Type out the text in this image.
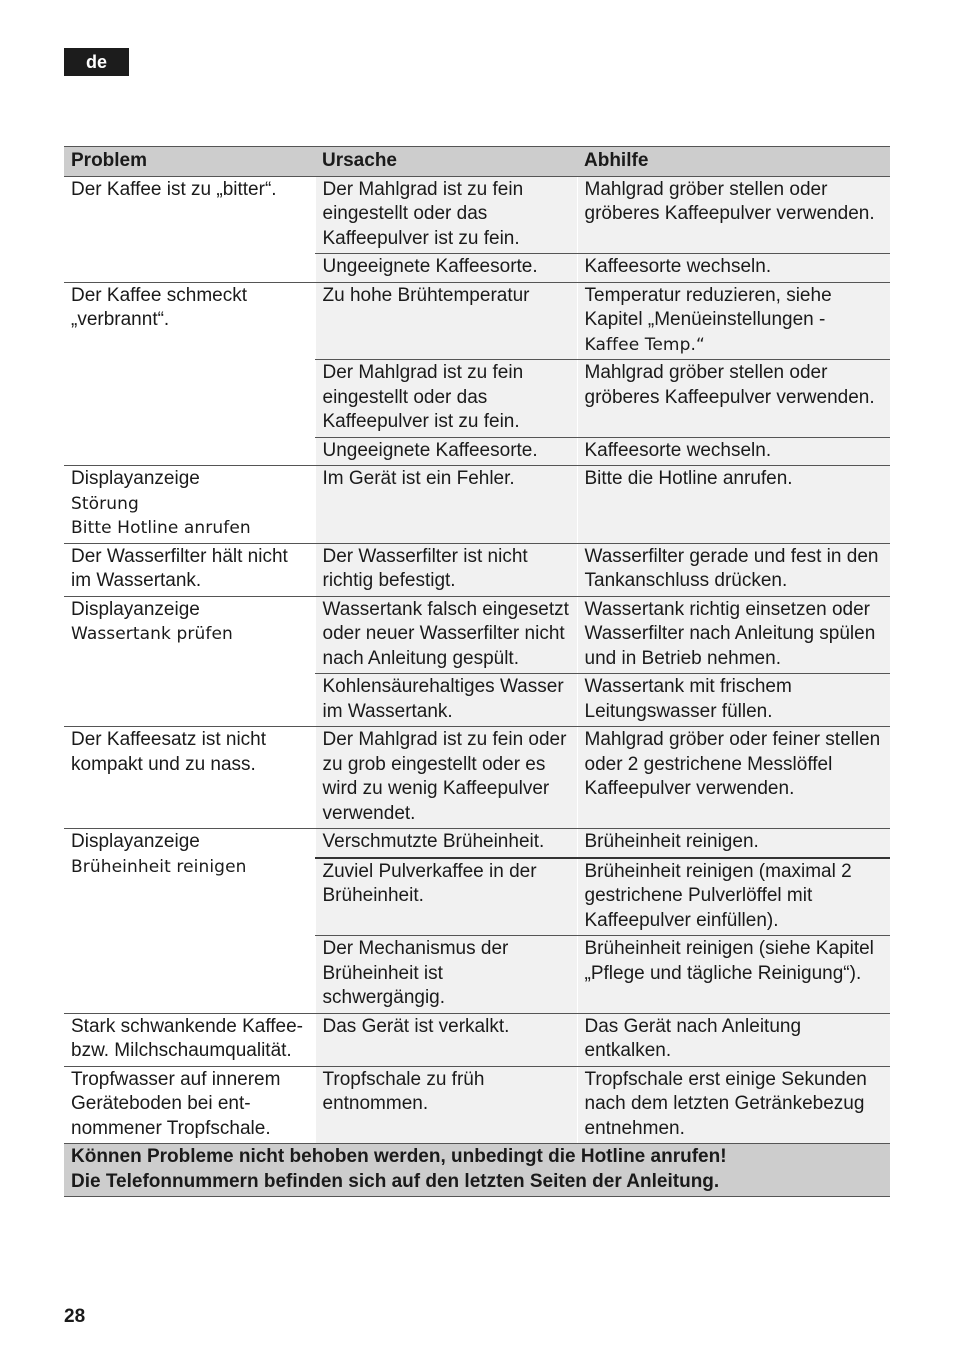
de
Problem	Ursache	Abhilfe
Der Kaffee ist zu „bitter“.	Der Mahlgrad ist zu fein eingestellt oder das Kaffeepulver ist zu fein.	Mahlgrad gröber stellen oder gröberes Kaffeepulver verwenden.
	Ungeeignete Kaffeesorte.	Kaffeesorte wechseln.
Der Kaffee schmeckt „verbrannt“.	Zu hohe Brühtemperatur	Temperatur reduzieren, siehe Kapitel „Menüeinstellungen -
Kaffee Temp.“
	Der Mahlgrad ist zu fein eingestellt oder das Kaffeepulver ist zu fein.	Mahlgrad gröber stellen oder gröberes Kaffeepulver verwenden.
	Ungeeignete Kaffeesorte.	Kaffeesorte wechseln.
Displayanzeige
Störung
Bitte Hotline anrufen	Im Gerät ist ein Fehler.	Bitte die Hotline anrufen.
Der Wasserfilter hält nicht im Wassertank.	Der Wasserfilter ist nicht richtig befestigt.	Wasserfilter gerade und fest in den Tankanschluss drücken.
Displayanzeige
Wassertank prüfen	Wassertank falsch eingesetzt oder neuer Wasserfilter nicht nach Anleitung gespült.	Wassertank richtig einsetzen oder Wasserfilter nach Anleitung spülen und in Betrieb nehmen.
	Kohlensäurehaltiges Wasser im Wassertank.	Wassertank mit frischem Leitungswasser füllen.
Der Kaffeesatz ist nicht kompakt und zu nass.	Der Mahlgrad ist zu fein oder zu grob eingestellt oder es wird zu wenig Kaffeepulver verwendet.	Mahlgrad gröber oder feiner stellen oder 2 gestrichene Messlöffel Kaffeepulver verwenden.
Displayanzeige
Brüheinheit reinigen	Verschmutzte Brüheinheit.	Brüheinheit reinigen.
	Zuviel Pulverkaffee in der Brüheinheit.	Brüheinheit reinigen (maximal 2 gestrichene Pulverlöffel mit Kaffeepulver einfüllen).
	Der Mechanismus der Brüheinheit ist schwergängig.	Brüheinheit reinigen (siehe Kapitel „Pflege und tägliche Reinigung“).
Stark schwankende Kaffee- bzw. Milchschaumqualität.	Das Gerät ist verkalkt.	Das Gerät nach Anleitung entkalken.
Tropfwasser auf innerem Geräteboden bei entnommener Tropfschale.	Tropfschale zu früh entnommen.	Tropfschale erst einige Sekunden nach dem letzten Getränkebezug entnehmen.

Können Probleme nicht behoben werden, unbedingt die Hotline anrufen!
Die Telefonnummern befinden sich auf den letzten Seiten der Anleitung.		
28
